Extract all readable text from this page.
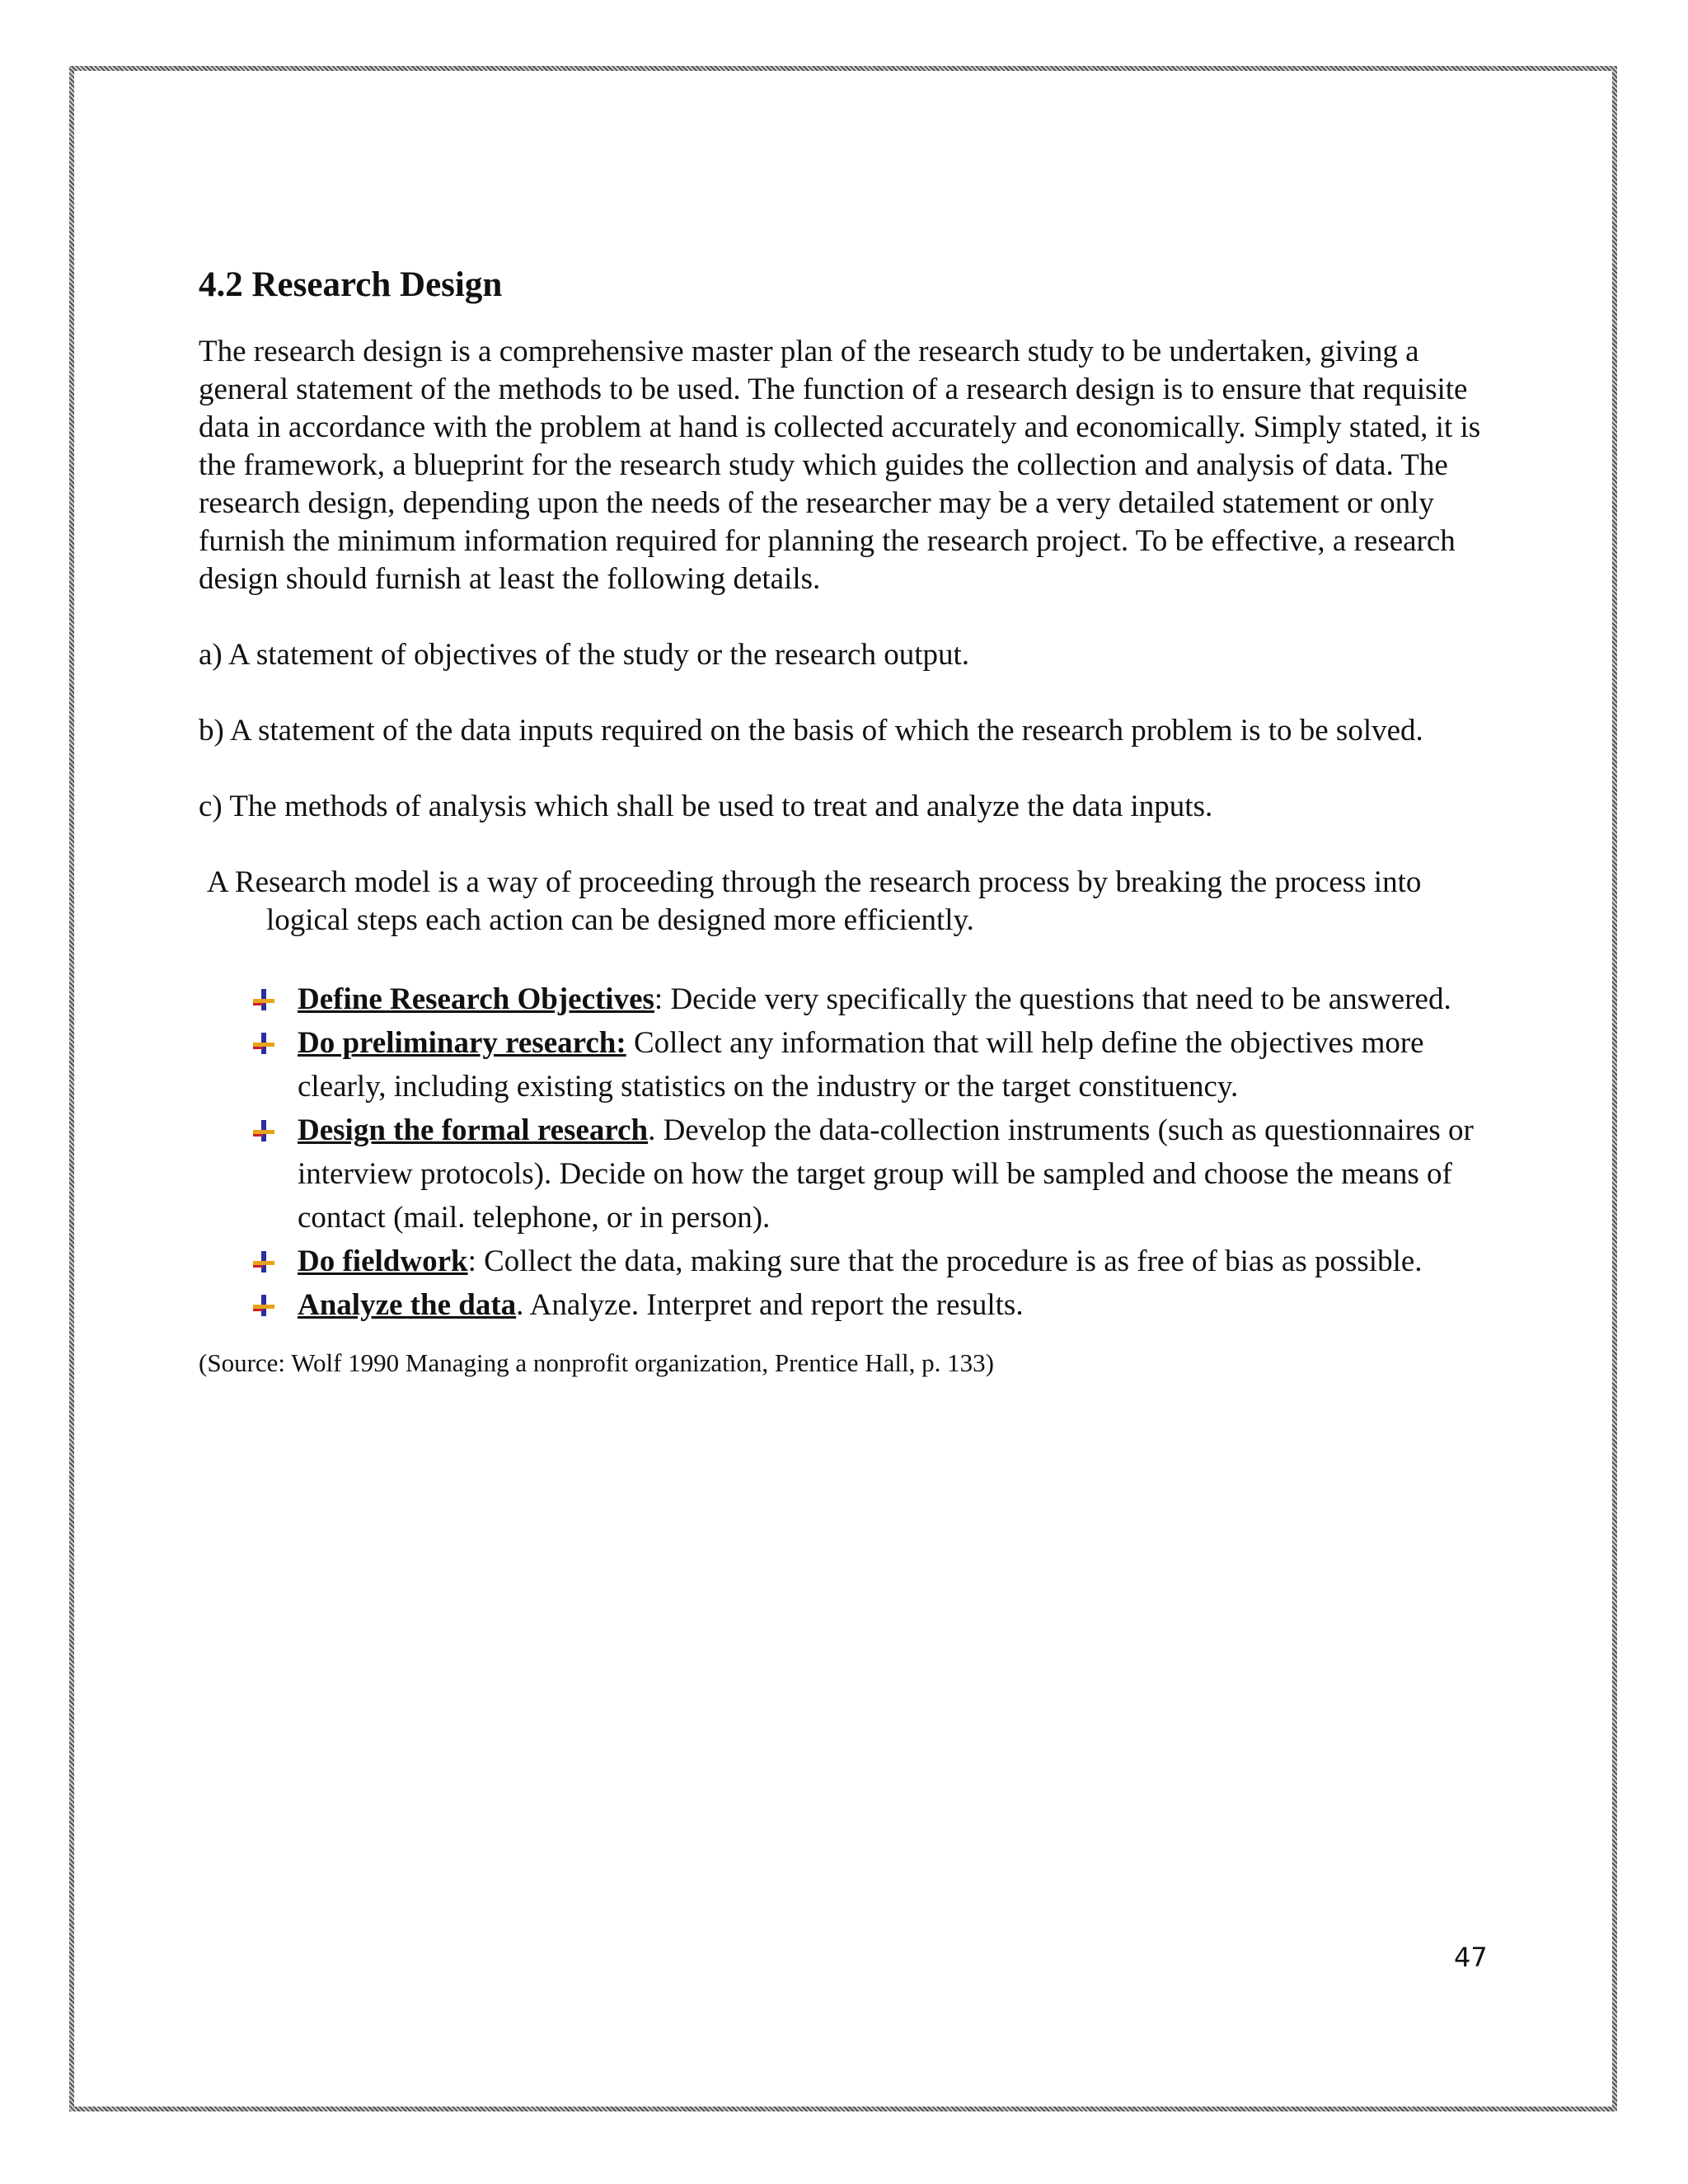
4.2 Research Design

The research design is a comprehensive master plan of the research study to be undertaken, giving a general statement of the methods to be used. The function of a research design is to ensure that requisite data in accordance with the problem at hand is collected accurately and economically. Simply stated, it is the framework, a blueprint for the research study which guides the collection and analysis of data. The research design, depending upon the needs of the researcher may be a very detailed statement or only furnish the minimum information required for planning the research project. To be effective, a research design should furnish at least the following details.

a) A statement of objectives of the study or the research output.

b) A statement of the data inputs required on the basis of which the research problem is to be solved.

c) The methods of analysis which shall be used to treat and analyze the data inputs.

A Research model is a way of proceeding through the research process by breaking the process into logical steps each action can be designed more efficiently.

Define Research Objectives: Decide very specifically the questions that need to be answered.
Do preliminary research: Collect any information that will help define the objectives more clearly, including existing statistics on the industry or the target constituency.
Design the formal research. Develop the data-collection instruments (such as questionnaires or interview protocols). Decide on how the target group will be sampled and choose the means of contact (mail. telephone, or in person).
Do fieldwork: Collect the data, making sure that the procedure is as free of bias as possible.
Analyze the data. Analyze. Interpret and report the results.

(Source: Wolf 1990 Managing a nonprofit organization, Prentice Hall, p. 133)

47
